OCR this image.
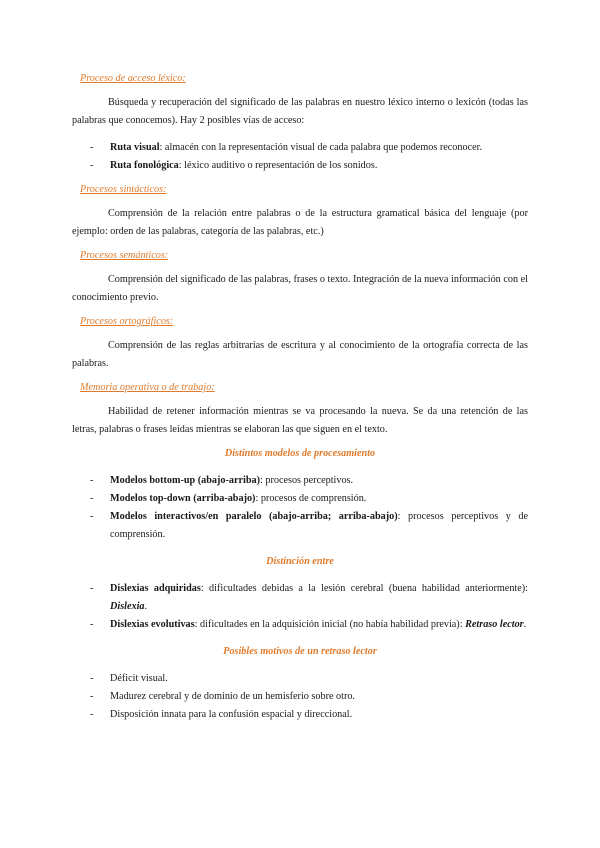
Proceso de acceso léxico:

Búsqueda y recuperación del significado de las palabras en nuestro léxico interno o lexicón (todas las palabras que conocemos). Hay 2 posibles vías de acceso:

- Ruta visual: almacén con la representación visual de cada palabra que podemos reconocer.
- Ruta fonológica: léxico auditivo o representación de los sonidos.
Procesos sintácticos:

Comprensión de la relación entre palabras o de la estructura gramatical básica del lenguaje (por ejemplo: orden de las palabras, categoría de las palabras, etc.)

Procesos semánticos:

Comprensión del significado de las palabras, frases o texto. Integración de la nueva información con el conocimiento previo.

Procesos ortográficos:

Comprensión de las reglas arbitrarias de escritura y al conocimiento de la ortografía correcta de las palabras.

Memoria operativa o de trabajo:

Habilidad de retener información mientras se va procesando la nueva. Se da una retención de las letras, palabras o frases leídas mientras se elaboran las que siguen en el texto.

Distintos modelos de procesamiento
- Modelos bottom-up (abajo-arriba): procesos perceptivos.
- Modelos top-down (arriba-abajo): procesos de comprensión.
- Modelos interactivos/en paralelo (abajo-arriba; arriba-abajo): procesos perceptivos y de comprensión.
Distinción entre
- Dislexias adquiridas: dificultades debidas a la lesión cerebral (buena habilidad anteriormente): Dislexia.
- Dislexias evolutivas: dificultades en la adquisición inicial (no había habilidad previa): Retraso lector.
Posibles motivos de un retraso lector
- Déficit visual.
- Madurez cerebral y de dominio de un hemisferio sobre otro.
- Disposición innata para la confusión espacial y direccional.
